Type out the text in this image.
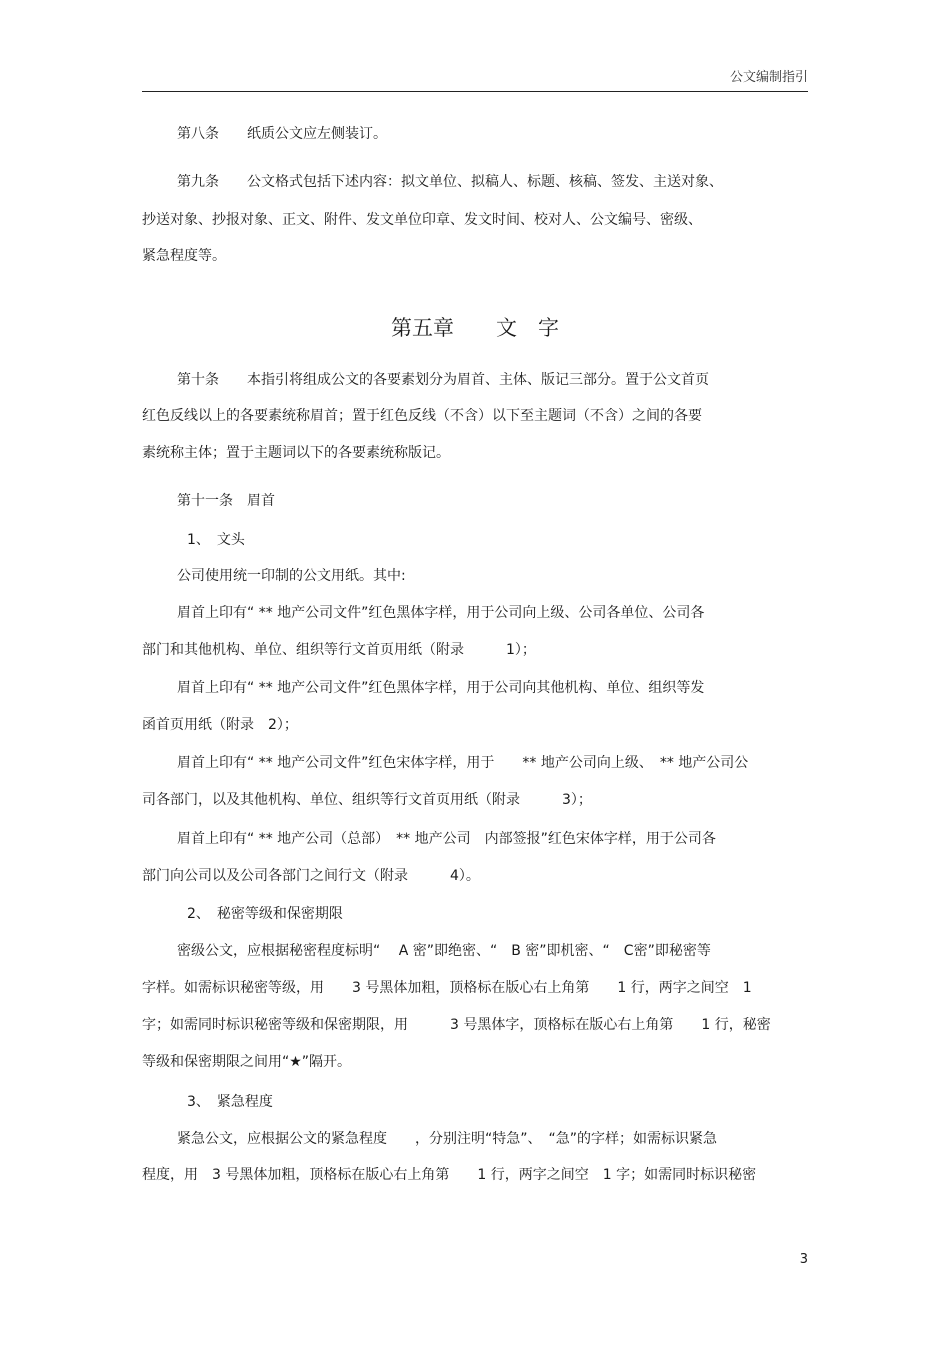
公文编制指引
第八条　　纸质公文应左侧装订。
第九条　　公文格式包括下述内容：拟文单位、拟稿人、标题、核稿、签发、主送对象、
抄送对象、抄报对象、正文、附件、发文单位印章、发文时间、校对人、公文编号、密级、
紧急程度等。
第五章　　文　字
第十条　　本指引将组成公文的各要素划分为眉首、主体、版记三部分。置于公文首页
红色反线以上的各要素统称眉首；置于红色反线（不含）以下至主题词（不含）之间的各要
素统称主体；置于主题词以下的各要素统称版记。
第十一条　眉首
1、　文头
公司使用统一印制的公文用纸。其中:
眉首上印有“ ** 地产公司文件”红色黑体字样，用于公司向上级、公司各单位、公司各
部门和其他机构、单位、组织等行文首页用纸（附录　　　1）；
眉首上印有“ ** 地产公司文件”红色黑体字样，用于公司向其他机构、单位、组织等发
函首页用纸（附录　2）；
眉首上印有“ ** 地产公司文件”红色宋体字样，用于　　** 地产公司向上级、　** 地产公司公
司各部门，以及其他机构、单位、组织等行文首页用纸（附录　　　3）；
眉首上印有“ ** 地产公司（总部）　** 地产公司　内部签报”红色宋体字样，用于公司各
部门向公司以及公司各部门之间行文（附录　　　4）。
2、　秘密等级和保密期限
密级公文，应根据秘密程度标明“　 A 密”即绝密、“　B 密”即机密、“　C密”即秘密等
字样。如需标识秘密等级，用　　3 号黑体加粗，顶格标在版心右上角第　　1 行，两字之间空　1
字；如需同时标识秘密等级和保密期限，用　　　3 号黑体字，顶格标在版心右上角第　　1 行，秘密
等级和保密期限之间用“★”隔开。
3、　紧急程度
紧急公文，应根据公文的紧急程度　　，分别注明“特急”、　“急”的字样；如需标识紧急
程度，用　3 号黑体加粗，顶格标在版心右上角第　　1 行，两字之间空　1 字；如需同时标识秘密
3
